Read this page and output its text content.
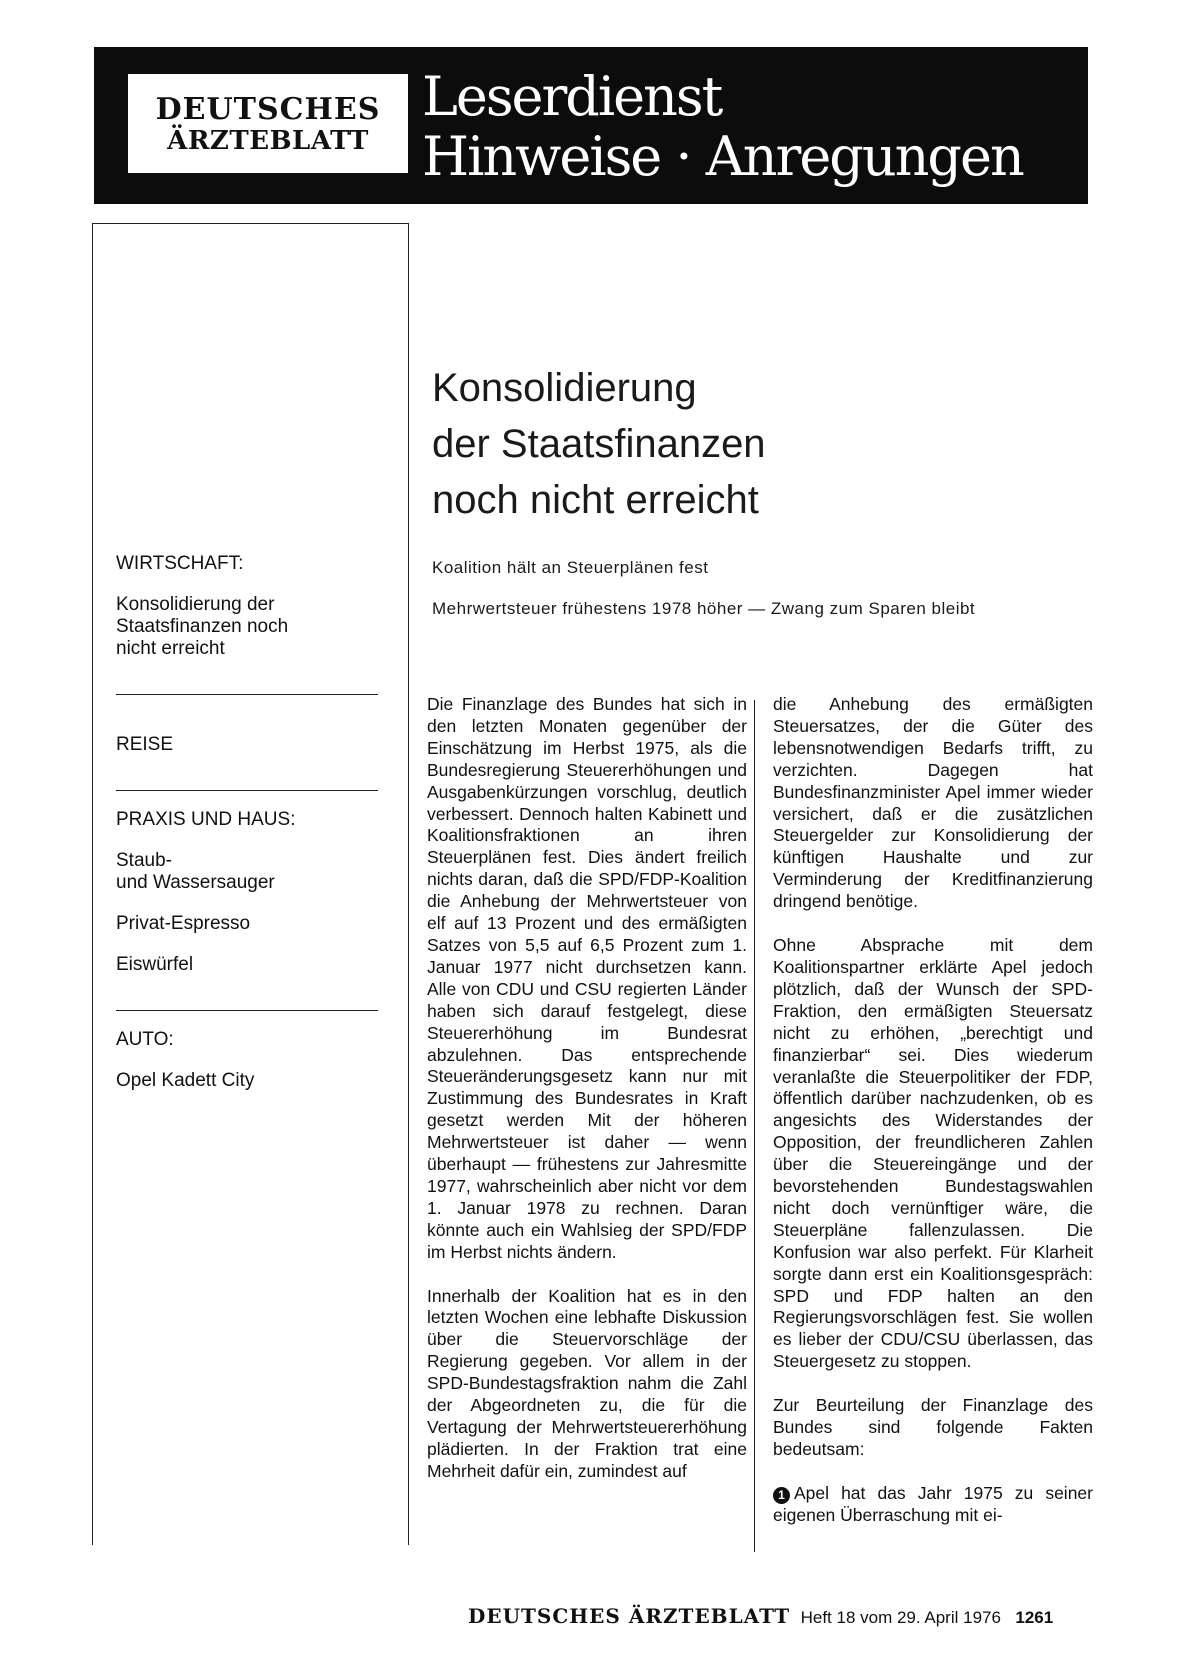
DEUTSCHES
ÄRZTEBLATT
Leserdienst
Hinweise · Anregungen
WIRTSCHAFT:
Konsolidierung der
Staatsfinanzen noch
nicht erreicht
REISE
PRAXIS UND HAUS:
Staub-
und Wassersauger
Privat-Espresso
Eiswürfel
AUTO:
Opel Kadett City
Konsolidierung
der Staatsfinanzen
noch nicht erreicht
Koalition hält an Steuerplänen fest
Mehrwertsteuer frühestens 1978 höher — Zwang zum Sparen bleibt

Die Finanzlage des Bundes hat sich in den letzten Monaten gegenüber der Einschätzung im Herbst 1975, als die Bundesregierung Steuererhöhungen und Ausgabenkürzungen vorschlug, deutlich verbessert. Dennoch halten Kabinett und Koalitionsfraktionen an ihren Steuerplänen fest. Dies ändert freilich nichts daran, daß die SPD/FDP-Koalition die Anhebung der Mehrwertsteuer von elf auf 13 Prozent und des ermäßigten Satzes von 5,5 auf 6,5 Prozent zum 1. Januar 1977 nicht durchsetzen kann. Alle von CDU und CSU regierten Länder haben sich darauf festgelegt, diese Steuererhöhung im Bundesrat abzulehnen. Das entsprechende Steueränderungsgesetz kann nur mit Zustimmung des Bundesrates in Kraft gesetzt werden Mit der höheren Mehrwertsteuer ist daher — wenn überhaupt — frühestens zur Jahresmitte 1977, wahrscheinlich aber nicht vor dem 1. Januar 1978 zu rechnen. Daran könnte auch ein Wahlsieg der SPD/FDP im Herbst nichts ändern.

Innerhalb der Koalition hat es in den letzten Wochen eine lebhafte Diskussion über die Steuervorschläge der Regierung gegeben. Vor allem in der SPD-Bundestagsfraktion nahm die Zahl der Abgeordneten zu, die für die Vertagung der Mehrwertsteuererhöhung plädierten. In der Fraktion trat eine Mehrheit dafür ein, zumindest auf

die Anhebung des ermäßigten Steuersatzes, der die Güter des lebensnotwendigen Bedarfs trifft, zu verzichten. Dagegen hat Bundesfinanzminister Apel immer wieder versichert, daß er die zusätzlichen Steuergelder zur Konsolidierung der künftigen Haushalte und zur Verminderung der Kreditfinanzierung dringend benötige.

Ohne Absprache mit dem Koalitionspartner erklärte Apel jedoch plötzlich, daß der Wunsch der SPD-Fraktion, den ermäßigten Steuersatz nicht zu erhöhen, „berechtigt und finanzierbar“ sei. Dies wiederum veranlaßte die Steuerpolitiker der FDP, öffentlich darüber nachzudenken, ob es angesichts des Widerstandes der Opposition, der freundlicheren Zahlen über die Steuereingänge und der bevorstehenden Bundestagswahlen nicht doch vernünftiger wäre, die Steuerpläne fallenzulassen. Die Konfusion war also perfekt. Für Klarheit sorgte dann erst ein Koalitionsgespräch: SPD und FDP halten an den Regierungsvorschlägen fest. Sie wollen es lieber der CDU/CSU überlassen, das Steuergesetz zu stoppen.

Zur Beurteilung der Finanzlage des Bundes sind folgende Fakten bedeutsam:

1 Apel hat das Jahr 1975 zu seiner eigenen Überraschung mit ei-

DEUTSCHES ÄRZTEBLATT Heft 18 vom 29. April 1976 1261
